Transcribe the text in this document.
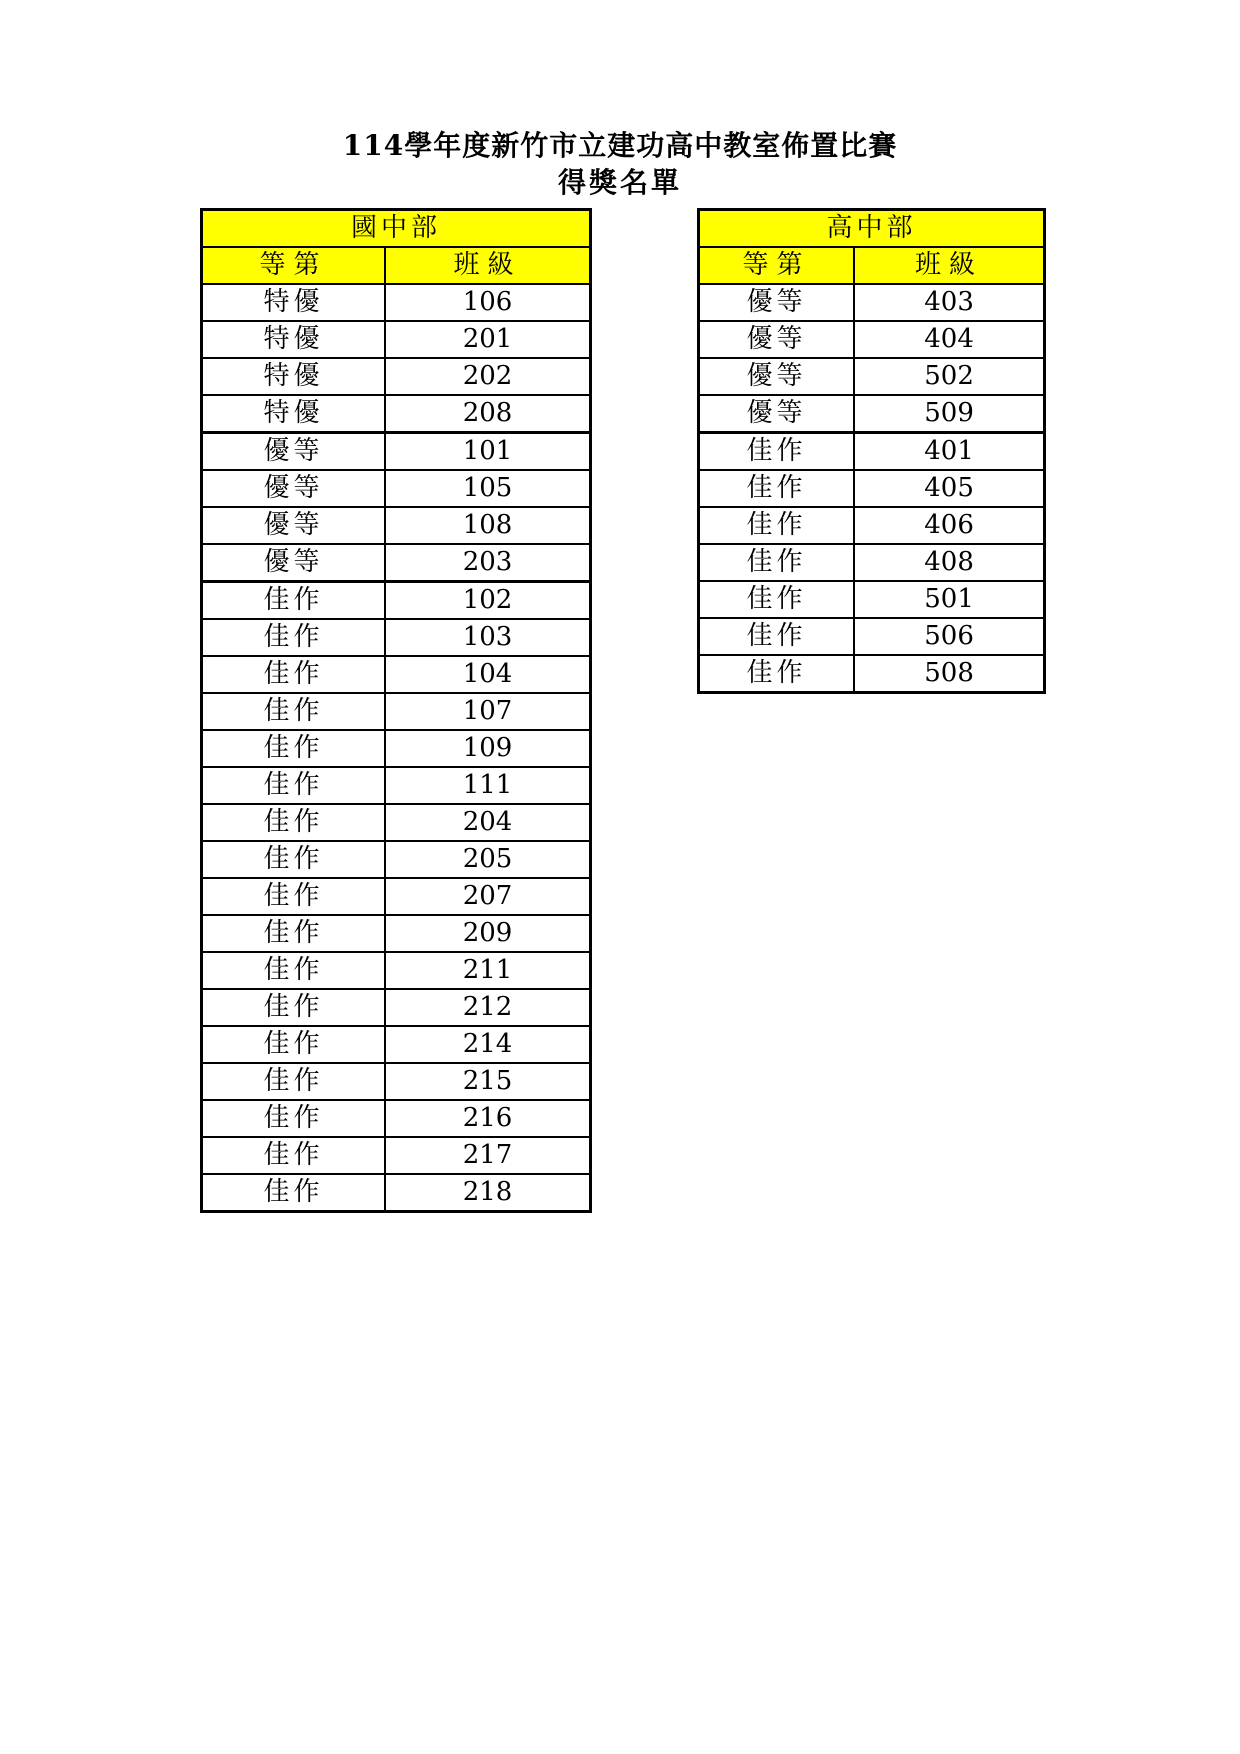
114學年度新竹市立建功高中教室佈置比賽
得獎名單
國中部	
等第	班級
特優	106
特優	201
特優	202
特優	208
優等	101
優等	105
優等	108
優等	203
佳作	102
佳作	103
佳作	104
佳作	107
佳作	109
佳作	111
佳作	204
佳作	205
佳作	207
佳作	209
佳作	211
佳作	212
佳作	214
佳作	215
佳作	216
佳作	217
佳作	218
高中部	
等第	班級
優等	403
優等	404
優等	502
優等	509
佳作	401
佳作	405
佳作	406
佳作	408
佳作	501
佳作	506
佳作	508
